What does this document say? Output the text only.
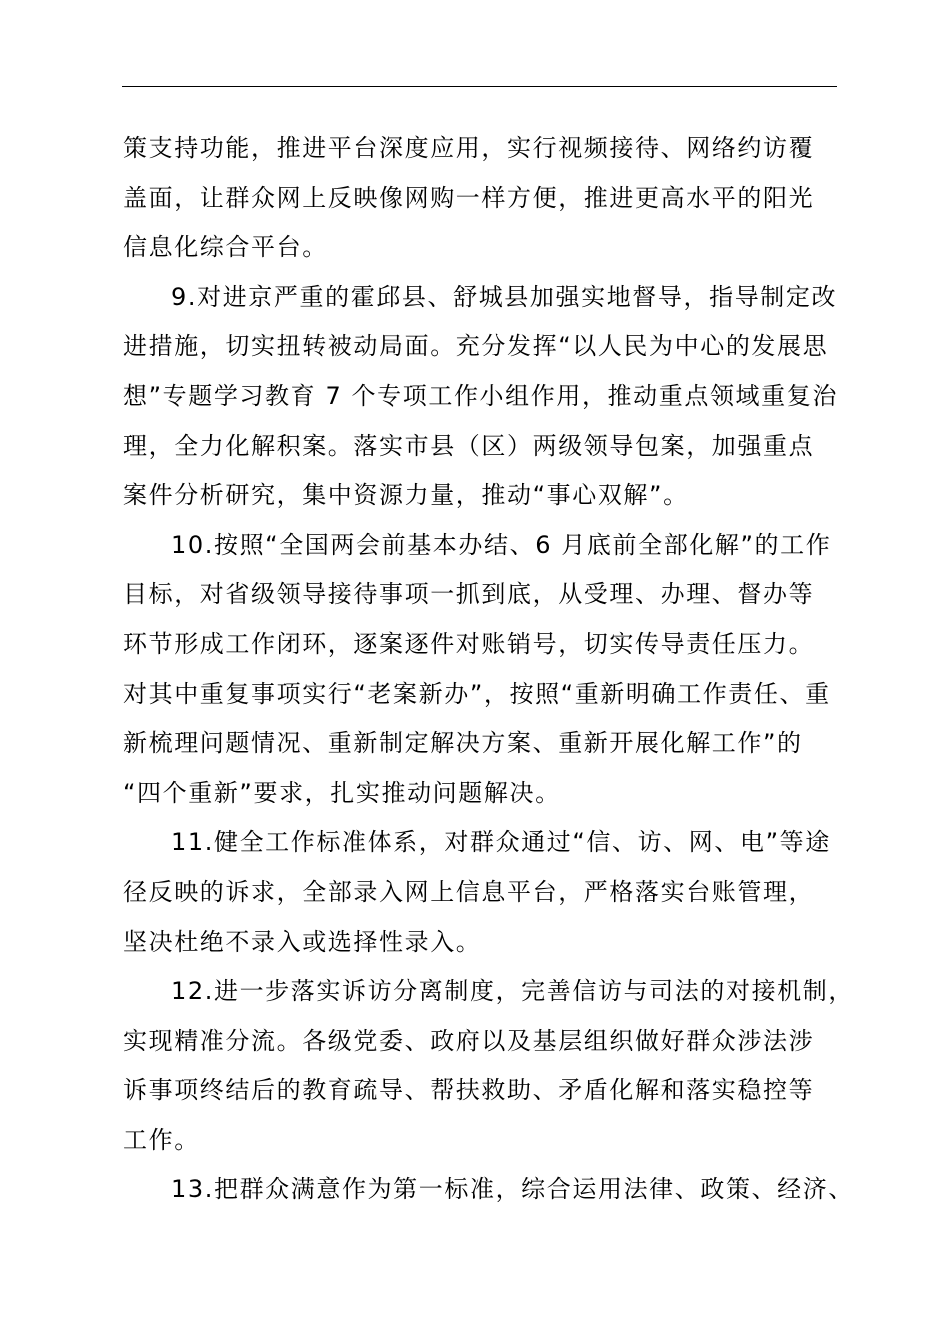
策支持功能，推进平台深度应用，实行视频接待、网络约访覆
盖面，让群众网上反映像网购一样方便，推进更高水平的阳光
信息化综合平台。
9.对进京严重的霍邱县、舒城县加强实地督导，指导制定改
进措施，切实扭转被动局面。充分发挥“以人民为中心的发展思
想”专题学习教育 7 个专项工作小组作用，推动重点领域重复治
理，全力化解积案。落实市县（区）两级领导包案，加强重点
案件分析研究，集中资源力量，推动“事心双解”。
10.按照“全国两会前基本办结、6 月底前全部化解”的工作
目标，对省级领导接待事项一抓到底，从受理、办理、督办等
环节形成工作闭环，逐案逐件对账销号，切实传导责任压力。
对其中重复事项实行“老案新办”，按照“重新明确工作责任、重
新梳理问题情况、重新制定解决方案、重新开展化解工作”的
“四个重新”要求，扎实推动问题解决。
11.健全工作标准体系，对群众通过“信、访、网、电”等途
径反映的诉求，全部录入网上信息平台，严格落实台账管理，
坚决杜绝不录入或选择性录入。
12.进一步落实诉访分离制度，完善信访与司法的对接机制，
实现精准分流。各级党委、政府以及基层组织做好群众涉法涉
诉事项终结后的教育疏导、帮扶救助、矛盾化解和落实稳控等
工作。
13.把群众满意作为第一标准，综合运用法律、政策、经济、
